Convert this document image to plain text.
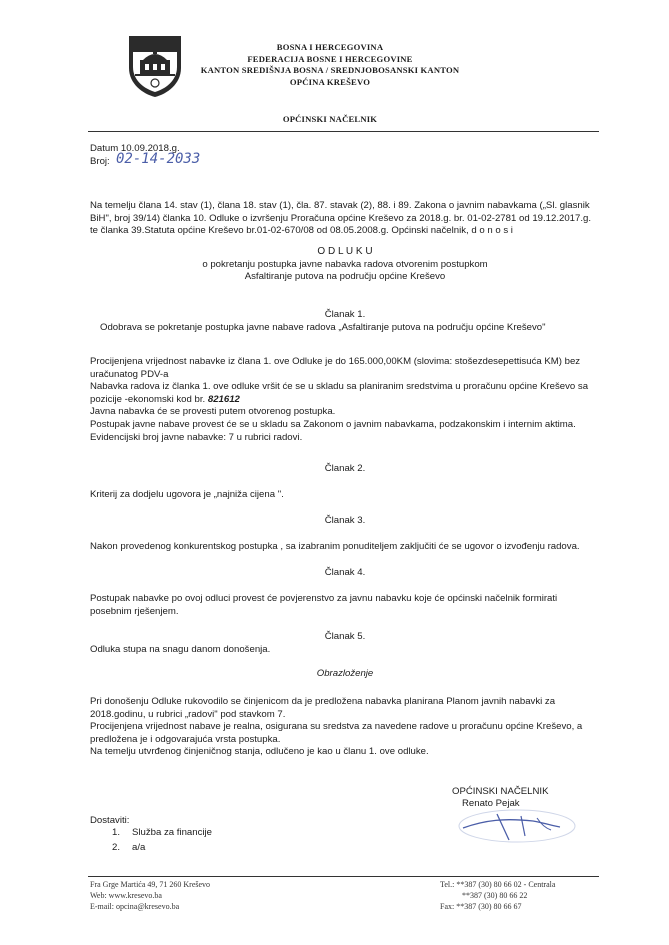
BOSNA I HERCEGOVINA
FEDERACIJA BOSNE I HERCEGOVINE
KANTON SREDIŠNJA BOSNA / SREDNJOBOSANSKI KANTON
OPĆINA KREŠEVO
OPĆINSKI NAČELNIK
Datum 10.09.2018.g.
Broj: 02-14-2033
Na temelju člana 14. stav (1), člana 18. stav (1), čla. 87. stavak (2), 88. i 89. Zakona o javnim nabavkama („Sl. glasnik
BiH", broj 39/14) članka 10. Odluke o izvršenju Proračuna općine Kreševo za 2018.g. br. 01-02-2781 od 19.12.2017.g.
te članka 39.Statuta općine Kreševo br.01-02-670/08 od 08.05.2008.g. Općinski načelnik, d o n o s i
O D L U K U
o pokretanju postupka javne nabavka radova otvorenim postupkom
Asfaltiranje putova na području općine Kreševo
Članak 1.
Odobrava se pokretanje postupka javne nabave radova „Asfaltiranje putova na području općine Kreševo"
Procijenjena vrijednost nabavke iz člana 1. ove Odluke je do 165.000,00KM (slovima: stošezdesepettisuća KM) bez
uračunatog PDV-a
Nabavka radova iz članka 1. ove odluke vršit će se u skladu sa planiranim sredstvima u proračunu općine Kreševo sa
pozicije -ekonomski kod br. 821612
Javna nabavka će se provesti putem otvorenog postupka.
Postupak javne nabave provest će se u skladu sa Zakonom o javnim nabavkama, podzakonskim i internim aktima.
Evidencijski broj javne nabavke: 7 u rubrici radovi.
Članak 2.
Kriterij za dodjelu ugovora je „najniža cijena ".
Članak 3.
Nakon provedenog konkurentskog postupka , sa izabranim ponuditeljem zaključiti će se ugovor o izvođenju radova.
Članak 4.
Postupak nabavke po ovoj odluci provest će povjerenstvo za javnu nabavku koje će općinski načelnik formirati
posebnim rješenjem.
Članak 5.
Odluka stupa na snagu danom donošenja.
Obrazloženje
Pri donošenju Odluke rukovodilo se činjenicom da je predložena nabavka planirana Planom javnih nabavki za
2018.godinu, u rubrici „radovi" pod stavkom 7.
Procijenjena vrijednost nabave je realna, osigurana su sredstva za navedene radove u proračunu općine Kreševo, a
predložena je i odgovarajuća vrsta postupka.
Na temelju utvrđenog činjeničnog stanja, odlučeno je kao u članu 1. ove odluke.
OPĆINSKI NAČELNIK
Renato Pejak
Dostaviti:
1. Služba za financije
2. a/a
Fra Grge Martića 49, 71 260 Kreševo
Web: www.kresevo.ba
E-mail: opcina@kresevo.ba
Tel.: **387 (30) 80 66 02 - Centrala
**387 (30) 80 66 22
Fax: **387 (30) 80 66 67
